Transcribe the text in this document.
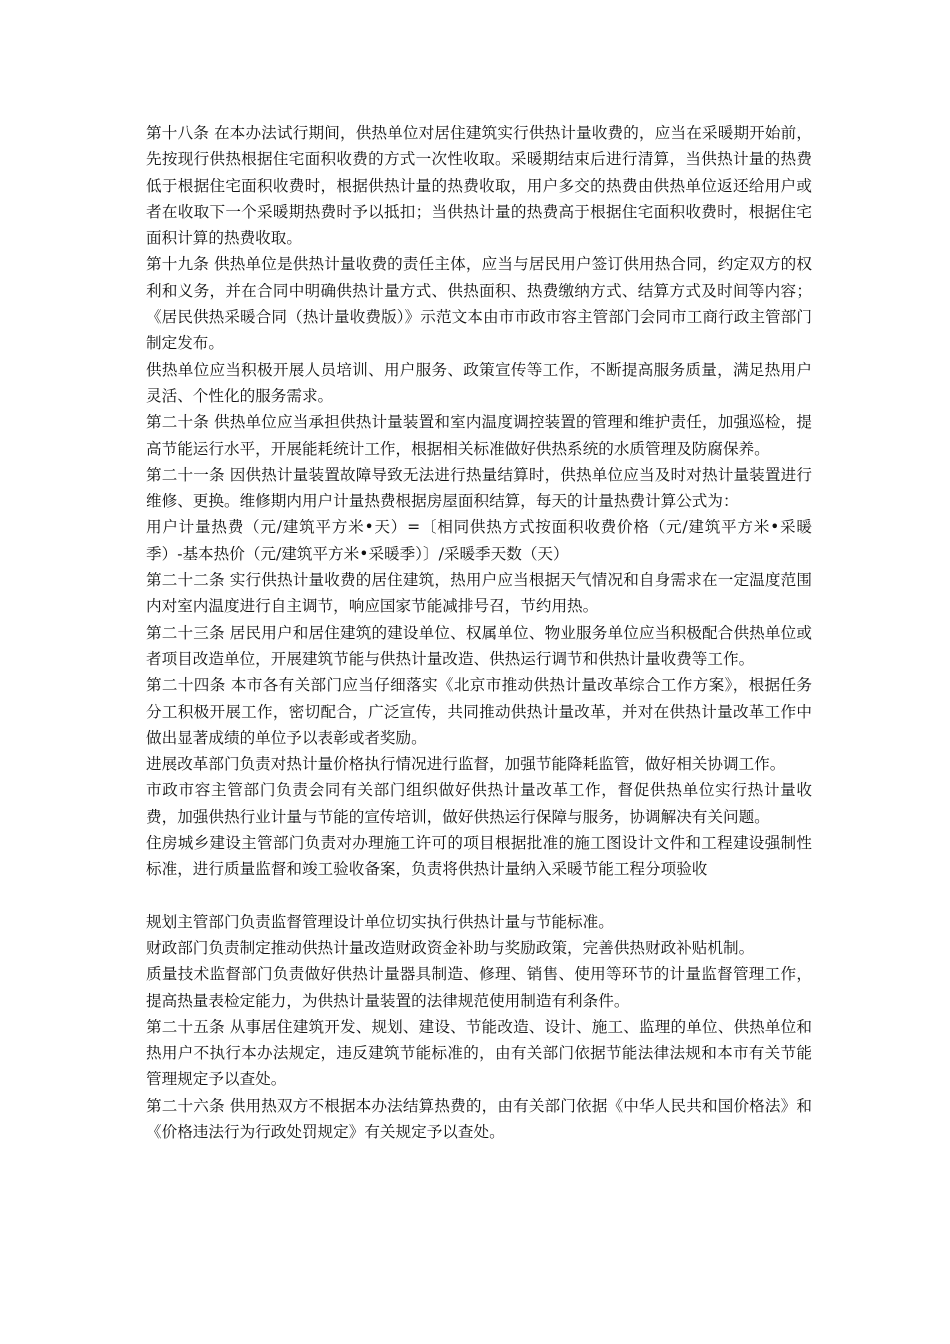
第十八条 在本办法试行期间，供热单位对居住建筑实行供热计量收费的，应当在采暖期开始前，先按现行供热根据住宅面积收费的方式一次性收取。采暖期结束后进行清算，当供热计量的热费低于根据住宅面积收费时，根据供热计量的热费收取，用户多交的热费由供热单位返还给用户或者在收取下一个采暖期热费时予以抵扣；当供热计量的热费高于根据住宅面积收费时，根据住宅面积计算的热费收取。

第十九条 供热单位是供热计量收费的责任主体，应当与居民用户签订供用热合同，约定双方的权利和义务，并在合同中明确供热计量方式、供热面积、热费缴纳方式、结算方式及时间等内容；《居民供热采暖合同（热计量收费版）》示范文本由市市政市容主管部门会同市工商行政主管部门制定发布。

供热单位应当积极开展人员培训、用户服务、政策宣传等工作，不断提高服务质量，满足热用户灵活、个性化的服务需求。

第二十条 供热单位应当承担供热计量装置和室内温度调控装置的管理和维护责任，加强巡检，提高节能运行水平，开展能耗统计工作，根据相关标准做好供热系统的水质管理及防腐保养。

第二十一条 因供热计量装置故障导致无法进行热量结算时，供热单位应当及时对热计量装置进行维修、更换。维修期内用户计量热费根据房屋面积结算，每天的计量热费计算公式为：

用户计量热费（元/建筑平方米•天）=〔相同供热方式按面积收费价格（元/建筑平方米•采暖季）-基本热价（元/建筑平方米•采暖季）〕/采暖季天数（天）

第二十二条 实行供热计量收费的居住建筑，热用户应当根据天气情况和自身需求在一定温度范围内对室内温度进行自主调节，响应国家节能减排号召，节约用热。

第二十三条 居民用户和居住建筑的建设单位、权属单位、物业服务单位应当积极配合供热单位或者项目改造单位，开展建筑节能与供热计量改造、供热运行调节和供热计量收费等工作。

第二十四条 本市各有关部门应当仔细落实《北京市推动供热计量改革综合工作方案》，根据任务分工积极开展工作，密切配合，广泛宣传，共同推动供热计量改革，并对在供热计量改革工作中做出显著成绩的单位予以表彰或者奖励。

进展改革部门负责对热计量价格执行情况进行监督，加强节能降耗监管，做好相关协调工作。

市政市容主管部门负责会同有关部门组织做好供热计量改革工作，督促供热单位实行热计量收费，加强供热行业计量与节能的宣传培训，做好供热运行保障与服务，协调解决有关问题。

住房城乡建设主管部门负责对办理施工许可的项目根据批准的施工图设计文件和工程建设强制性标准，进行质量监督和竣工验收备案，负责将供热计量纳入采暖节能工程分项验收

规划主管部门负责监督管理设计单位切实执行供热计量与节能标准。

财政部门负责制定推动供热计量改造财政资金补助与奖励政策，完善供热财政补贴机制。

质量技术监督部门负责做好供热计量器具制造、修理、销售、使用等环节的计量监督管理工作，提高热量表检定能力，为供热计量装置的法律规范使用制造有利条件。

第二十五条 从事居住建筑开发、规划、建设、节能改造、设计、施工、监理的单位、供热单位和热用户不执行本办法规定，违反建筑节能标准的，由有关部门依据节能法律法规和本市有关节能管理规定予以查处。

第二十六条 供用热双方不根据本办法结算热费的，由有关部门依据《中华人民共和国价格法》和《价格违法行为行政处罚规定》有关规定予以查处。
